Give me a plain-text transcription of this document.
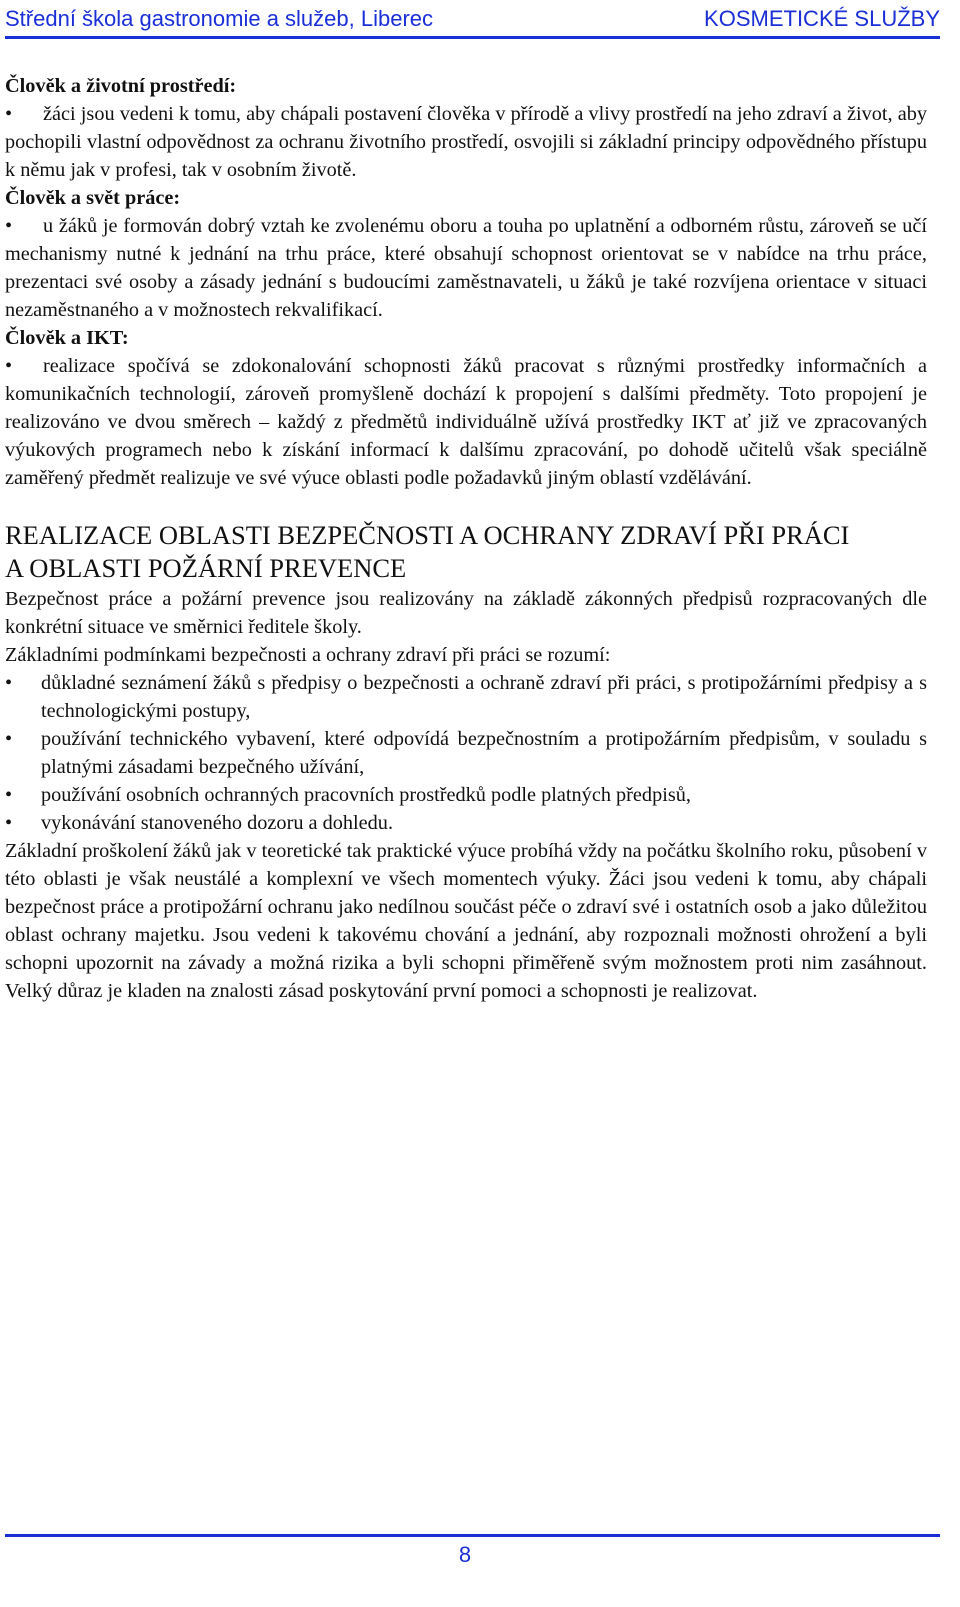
Střední škola gastronomie a služeb, Liberec	KOSMETICKÉ SLUŽBY

Člověk a životní prostředí:

• žáci jsou vedeni k tomu, aby chápali postavení člověka v přírodě a vlivy prostředí na jeho zdraví a život, aby pochopili vlastní odpovědnost za ochranu životního prostředí, osvojili si základní principy odpovědného přístupu k němu jak v profesi, tak v osobním životě.

Člověk a svět práce:

• u žáků je formován dobrý vztah ke zvolenému oboru a touha po uplatnění a odborném růstu, zároveň se učí mechanismy nutné k jednání na trhu práce, které obsahují schopnost orientovat se v nabídce na trhu práce, prezentaci své osoby a zásady jednání s budoucími zaměstnavateli, u žáků je také rozvíjena orientace v situaci nezaměstnaného a v možnostech rekvalifikací.

Člověk a IKT:

• realizace spočívá se zdokonalování schopnosti žáků pracovat s různými prostředky informačních a komunikačních technologií, zároveň promyšleně dochází k propojení s dalšími předměty. Toto propojení je realizováno ve dvou směrech – každý z předmětů individuálně užívá prostředky IKT ať již ve zpracovaných výukových programech nebo k získání informací k dalšímu zpracování, po dohodě učitelů však speciálně zaměřený předmět realizuje ve své výuce oblasti podle požadavků jiným oblastí vzdělávání.
REALIZACE OBLASTI BEZPEČNOSTI A OCHRANY ZDRAVÍ PŘI PRÁCI
A OBLASTI POŽÁRNÍ PREVENCE

Bezpečnost práce a požární prevence jsou realizovány na základě zákonných předpisů rozpracovaných dle konkrétní situace ve směrnici ředitele školy.

Základními podmínkami bezpečnosti a ochrany zdraví při práci se rozumí:

• důkladné seznámení žáků s předpisy o bezpečnosti a ochraně zdraví při práci, s protipožárními předpisy a s technologickými postupy,
• používání technického vybavení, které odpovídá bezpečnostním a protipožárním předpisům, v souladu s platnými zásadami bezpečného užívání,
• používání osobních ochranných pracovních prostředků podle platných předpisů,
• vykonávání stanoveného dozoru a dohledu.

Základní proškolení žáků jak v teoretické tak praktické výuce probíhá vždy na počátku školního roku, působení v této oblasti je však neustálé a komplexní ve všech momentech výuky. Žáci jsou vedeni k tomu, aby chápali bezpečnost práce a protipožární ochranu jako nedílnou součást péče o zdraví své i ostatních osob a jako důležitou oblast ochrany majetku. Jsou vedeni k takovému chování a jednání, aby rozpoznali možnosti ohrožení a byli schopni upozornit na závady a možná rizika a byli schopni přiměřeně svým možnostem proti nim zasáhnout. Velký důraz je kladen na znalosti zásad poskytování první pomoci a schopnosti je realizovat.

8
